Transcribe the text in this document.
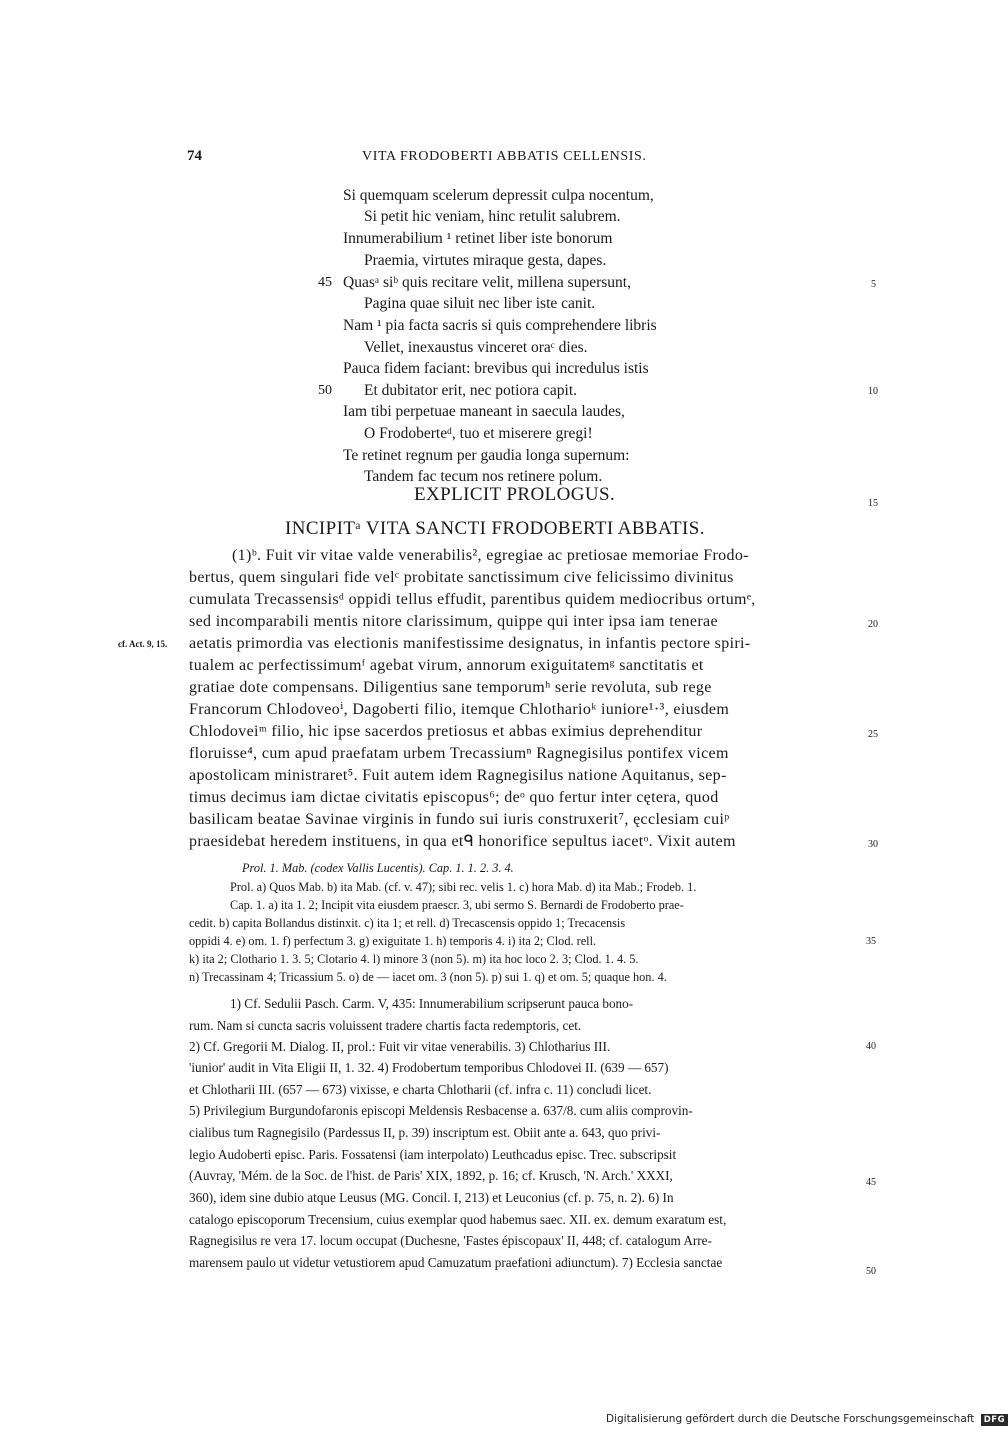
74	VITA FRODOBERTI ABBATIS CELLENSIS.
Si quemquam scelerum depressit culpa nocentum,
Si petit hic veniam, hinc retulit salubrem.
Innumerabilium ¹ retinet liber iste bonorum
Praemia, virtutes miraque gesta, dapes.
45 Quasᵃ siᵇ quis recitare velit, millena supersunt,
Pagina quae siluit nec liber iste canit.
Nam ¹ pia facta sacris si quis comprehendere libris
Vellet, inexaustus vinceret oraᶜ dies.
Pauca fidem faciant: brevibus qui incredulus istis
50 Et dubitator erit, nec potiora capit.
Iam tibi perpetuae maneant in saecula laudes,
O Frodoberteᵈ, tuo et miserere gregi!
Te retinet regnum per gaudia longa supernum:
Tandem fac tecum nos retinere polum.
EXPLICIT PROLOGUS.
INCIPITᵃ VITA SANCTI FRODOBERTI ABBATIS.
(1)ᵇ. Fuit vir vitae valde venerabilis², egregiae ac pretiosae memoriae Frodo-
bertus, quem singulari fide velᶜ probitate sanctissimum cive felicissimo divinitus
cumulata Trecassensisᵈ oppidi tellus effudit, parentibus quidem mediocribus ortumᵉ,
sed incomparabili mentis nitore clarissimum, quippe qui inter ipsa iam tenerae
cf. Act. 9, 15. aetatis primordia vas electionis manifestissime designatus, in infantis pectore spiri-
tualem ac perfectissimumᶠ agebat virum, annorum exiguitatemᵍ sanctitatis et
gratiae dote compensans. Diligentius sane temporumʰ serie revoluta, sub rege
Francorum Chlodoveoⁱ, Dagoberti filio, itemque Chlotharioᵏ iuniore¹·³, eiusdem
Chlodoveiᵐ filio, hic ipse sacerdos pretiosus et abbas eximius deprehenditur
floruisse⁴, cum apud praefatam urbem Trecassiumⁿ Ragnegisilus pontifex vicem
apostolicam ministraret⁵. Fuit autem idem Ragnegisilus natione Aquitanus, sep-
timus decimus iam dictae civitatis episcopus⁶; deᵒ quo fertur inter cętera, quod
basilicam beatae Savinae virginis in fundo sui iuris construxerit⁷, ęcclesiam cuiᵖ
praesidebat heredem instituens, in qua etᑫ honorifice sepultus iacetᵒ. Vixit autem
5
10
15
20
25
30
35
40
45
50
Prol. 1. Mab. (codex Vallis Lucentis). Cap. 1. 1. 2. 3. 4.
Prol. a) Quos Mab. b) ita Mab. (cf. v. 47); sibi rec. velis 1. c) hora Mab. d) ita Mab.; Frodeb. 1.
Cap. 1. a) ita 1. 2; Incipit vita eiusdem praescr. 3, ubi sermo S. Bernardi de Frodoberto prae-
cedit. b) capita Bollandus distinxit. c) ita 1; et rell. d) Trecascensis oppido 1; Trecacensis
oppidi 4. e) om. 1. f) perfectum 3. g) exiguitate 1. h) temporis 4. i) ita 2; Clod. rell.
k) ita 2; Clothario 1. 3. 5; Clotario 4. l) minore 3 (non 5). m) ita hoc loco 2. 3; Clod. 1. 4. 5.
n) Trecassinam 4; Tricassium 5. o) de — iacet om. 3 (non 5). p) sui 1. q) et om. 5; quaque hon. 4.
1) Cf. Sedulii Pasch. Carm. V, 435: Innumerabilium scripserunt pauca bono-
rum. Nam si cuncta sacris voluissent tradere chartis facta redemptoris, cet.
2) Cf. Gregorii M. Dialog. II, prol.: Fuit vir vitae venerabilis. 3) Chlotharius III.
'iunior' audit in Vita Eligii II, 1. 32. 4) Frodobertum temporibus Chlodovei II. (639 — 657)
et Chlotharii III. (657 — 673) vixisse, e charta Chlotharii (cf. infra c. 11) concludi licet.
5) Privilegium Burgundofaronis episcopi Meldensis Resbacense a. 637/8. cum aliis comprovin-
cialibus tum Ragnegisilo (Pardessus II, p. 39) inscriptum est. Obiit ante a. 643, quo privi-
legio Audoberti episc. Paris. Fossatensi (iam interpolato) Leuthcadus episc. Trec. subscripsit
(Auvray, 'Mém. de la Soc. de l'hist. de Paris' XIX, 1892, p. 16; cf. Krusch, 'N. Arch.' XXXI,
360), idem sine dubio atque Leusus (MG. Concil. I, 213) et Leuconius (cf. p. 75, n. 2). 6) In
catalogo episcoporum Trecensium, cuius exemplar quod habemus saec. XII. ex. demum exaratum est,
Ragnegisilus re vera 17. locum occupat (Duchesne, 'Fastes épiscopaux' II, 448; cf. catalogum Arre-
marensem paulo ut videtur vetustiorem apud Camuzatum praefationi adiunctum). 7) Ecclesia sanctae
Digitalisierung gefördert durch die Deutsche Forschungsgemeinschaft DFG
